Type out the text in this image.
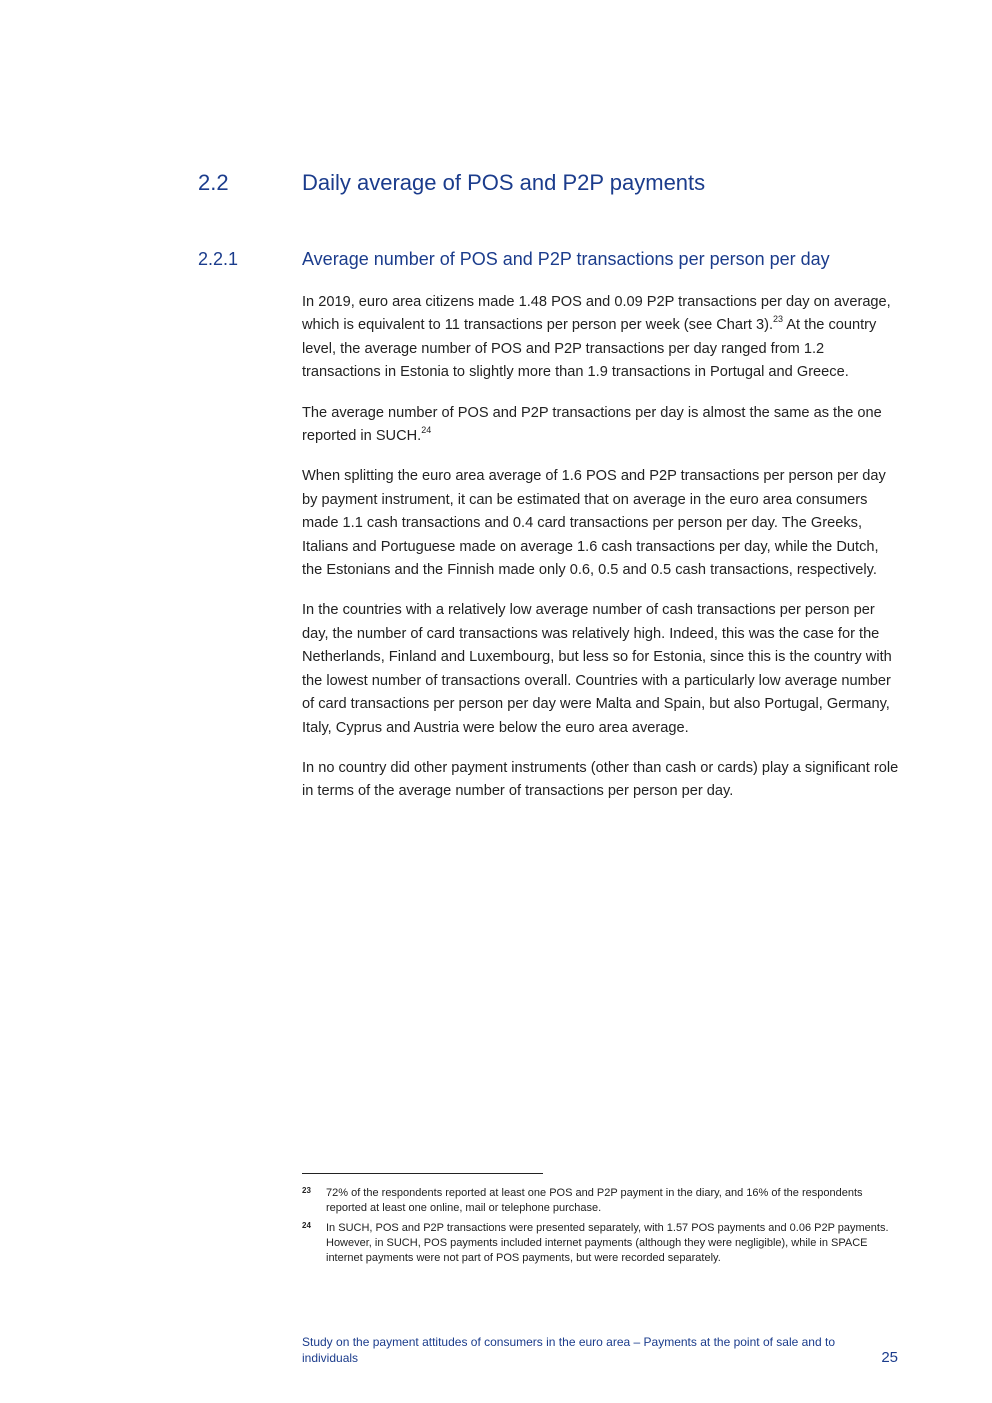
2.2	Daily average of POS and P2P payments
2.2.1	Average number of POS and P2P transactions per person per day

In 2019, euro area citizens made 1.48 POS and 0.09 P2P transactions per day on average, which is equivalent to 11 transactions per person per week (see Chart 3).$^{23}$ At the country level, the average number of POS and P2P transactions per day ranged from 1.2 transactions in Estonia to slightly more than 1.9 transactions in Portugal and Greece.

The average number of POS and P2P transactions per day is almost the same as the one reported in SUCH.$^{24}$

When splitting the euro area average of 1.6 POS and P2P transactions per person per day by payment instrument, it can be estimated that on average in the euro area consumers made 1.1 cash transactions and 0.4 card transactions per person per day. The Greeks, Italians and Portuguese made on average 1.6 cash transactions per day, while the Dutch, the Estonians and the Finnish made only 0.6, 0.5 and 0.5 cash transactions, respectively.

In the countries with a relatively low average number of cash transactions per person per day, the number of card transactions was relatively high. Indeed, this was the case for the Netherlands, Finland and Luxembourg, but less so for Estonia, since this is the country with the lowest number of transactions overall. Countries with a particularly low average number of card transactions per person per day were Malta and Spain, but also Portugal, Germany, Italy, Cyprus and Austria were below the euro area average.

In no country did other payment instruments (other than cash or cards) play a significant role in terms of the average number of transactions per person per day.

23 72% of the respondents reported at least one POS and P2P payment in the diary, and 16% of the respondents reported at least one online, mail or telephone purchase.
24 In SUCH, POS and P2P transactions were presented separately, with 1.57 POS payments and 0.06 P2P payments. However, in SUCH, POS payments included internet payments (although they were negligible), while in SPACE internet payments were not part of POS payments, but were recorded separately.
Study on the payment attitudes of consumers in the euro area – Payments at the point of sale and to individuals	25
